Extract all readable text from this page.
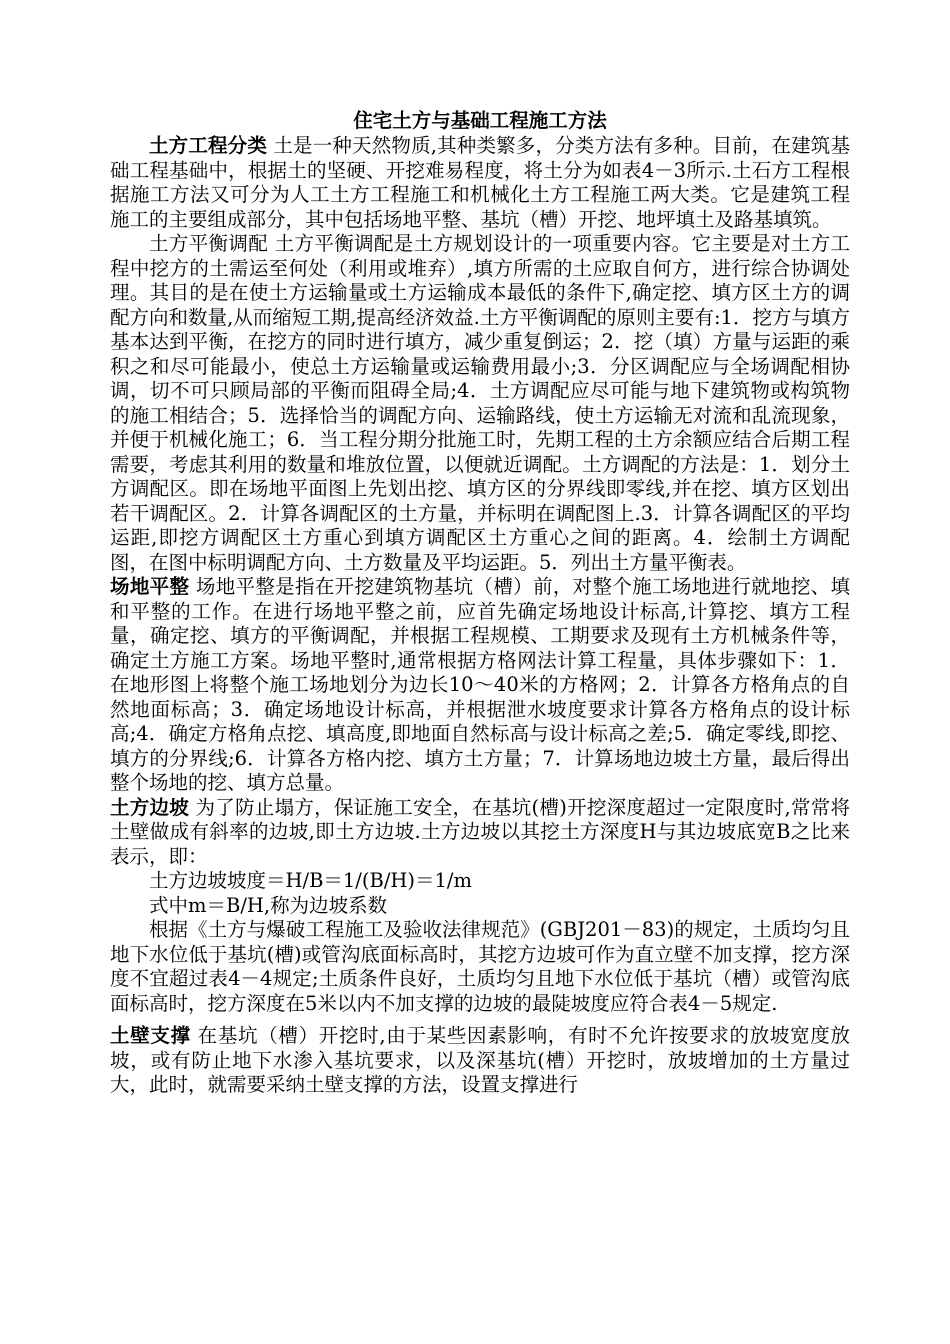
住宅土方与基础工程施工方法

土方工程分类 土是一种天然物质,其种类繁多，分类方法有多种。目前，在建筑基础工程基础中，根据土的坚硬、开挖难易程度，将土分为如表4－3所示.土石方工程根据施工方法又可分为人工土方工程施工和机械化土方工程施工两大类。它是建筑工程施工的主要组成部分，其中包括场地平整、基坑（槽）开挖、地坪填土及路基填筑。

土方平衡调配 土方平衡调配是土方规划设计的一项重要内容。它主要是对土方工程中挖方的土需运至何处（利用或堆弃）,填方所需的土应取自何方，进行综合协调处理。其目的是在使土方运输量或土方运输成本最低的条件下,确定挖、填方区土方的调配方向和数量,从而缩短工期,提高经济效益.土方平衡调配的原则主要有:1．挖方与填方基本达到平衡，在挖方的同时进行填方，减少重复倒运；2．挖（填）方量与运距的乘积之和尽可能最小，使总土方运输量或运输费用最小;3．分区调配应与全场调配相协调，切不可只顾局部的平衡而阻碍全局;4．土方调配应尽可能与地下建筑物或构筑物的施工相结合；5．选择恰当的调配方向、运输路线，使土方运输无对流和乱流现象，并便于机械化施工；6．当工程分期分批施工时，先期工程的土方余额应结合后期工程需要，考虑其利用的数量和堆放位置，以便就近调配。土方调配的方法是：1．划分土方调配区。即在场地平面图上先划出挖、填方区的分界线即零线,并在挖、填方区划出若干调配区。2．计算各调配区的土方量，并标明在调配图上.3．计算各调配区的平均运距,即挖方调配区土方重心到填方调配区土方重心之间的距离。4．绘制土方调配图，在图中标明调配方向、土方数量及平均运距。5．列出土方量平衡表。

场地平整 场地平整是指在开挖建筑物基坑（槽）前，对整个施工场地进行就地挖、填和平整的工作。在进行场地平整之前，应首先确定场地设计标高,计算挖、填方工程量，确定挖、填方的平衡调配，并根据工程规模、工期要求及现有土方机械条件等，确定土方施工方案。场地平整时,通常根据方格网法计算工程量，具体步骤如下：1．在地形图上将整个施工场地划分为边长10～40米的方格网；2．计算各方格角点的自然地面标高；3．确定场地设计标高，并根据泄水坡度要求计算各方格角点的设计标高;4．确定方格角点挖、填高度,即地面自然标高与设计标高之差;5．确定零线,即挖、填方的分界线;6．计算各方格内挖、填方土方量；7．计算场地边坡土方量，最后得出整个场地的挖、填方总量。

土方边坡 为了防止塌方，保证施工安全，在基坑(槽)开挖深度超过一定限度时,常常将土壁做成有斜率的边坡,即土方边坡.土方边坡以其挖土方深度H与其边坡底宽B之比来表示，即：

土方边坡坡度＝H/B＝1/(B/H)＝1/m

式中m＝B/H,称为边坡系数

根据《土方与爆破工程施工及验收法律规范》(GBJ201－83)的规定，土质均匀且地下水位低于基坑(槽)或管沟底面标高时，其挖方边坡可作为直立壁不加支撑，挖方深度不宜超过表4－4规定;土质条件良好，土质均匀且地下水位低于基坑（槽）或管沟底面标高时，挖方深度在5米以内不加支撑的边坡的最陡坡度应符合表4－5规定.

土壁支撑 在基坑（槽）开挖时,由于某些因素影响，有时不允许按要求的放坡宽度放坡，或有防止地下水渗入基坑要求，以及深基坑(槽）开挖时，放坡增加的土方量过大，此时，就需要采纳土壁支撑的方法，设置支撑进行
